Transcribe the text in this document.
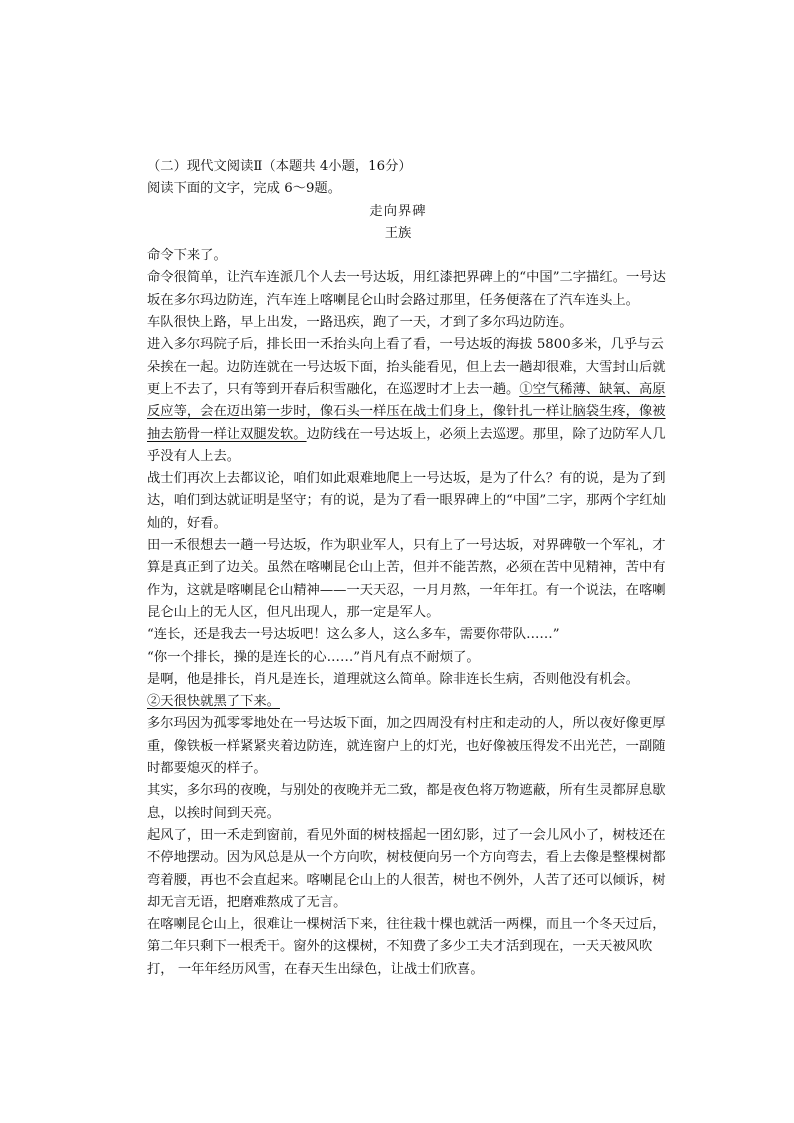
（二）现代文阅读Ⅱ（本题共 4小题，16分）

阅读下面的文字，完成 6～9题。

走向界碑

王族

命令下来了。

命令很简单，让汽车连派几个人去一号达坂，用红漆把界碑上的“中国”二字描红。一号达坂在多尔玛边防连，汽车连上喀喇昆仑山时会路过那里，任务便落在了汽车连头上。

车队很快上路，早上出发，一路迅疾，跑了一天，才到了多尔玛边防连。

进入多尔玛院子后，排长田一禾抬头向上看了看，一号达坂的海拔 5800多米，几乎与云朵挨在一起。边防连就在一号达坂下面，抬头能看见，但上去一趟却很难，大雪封山后就更上不去了，只有等到开春后积雪融化，在巡逻时才上去一趟。①空气稀薄、缺氧、高原反应等，会在迈出第一步时，像石头一样压在战士们身上，像针扎一样让脑袋生疼，像被抽去筋骨一样让双腿发软。边防线在一号达坂上，必须上去巡逻。那里，除了边防军人几乎没有人上去。

战士们再次上去都议论，咱们如此艰难地爬上一号达坂，是为了什么？有的说，是为了到达，咱们到达就证明是坚守；有的说，是为了看一眼界碑上的“中国”二字，那两个字红灿灿的，好看。

田一禾很想去一趟一号达坂，作为职业军人，只有上了一号达坂，对界碑敬一个军礼，才算是真正到了边关。虽然在喀喇昆仑山上苦，但并不能苦熬，必须在苦中见精神，苦中有作为，这就是喀喇昆仑山精神——一天天忍，一月月熬，一年年扛。有一个说法，在喀喇昆仑山上的无人区，但凡出现人，那一定是军人。

“连长，还是我去一号达坂吧！这么多人，这么多车，需要你带队……”

“你一个排长，操的是连长的心……”肖凡有点不耐烦了。

是啊，他是排长，肖凡是连长，道理就这么简单。除非连长生病，否则他没有机会。

②天很快就黑了下来。

多尔玛因为孤零零地处在一号达坂下面，加之四周没有村庄和走动的人，所以夜好像更厚重，像铁板一样紧紧夹着边防连，就连窗户上的灯光，也好像被压得发不出光芒，一副随时都要熄灭的样子。

其实，多尔玛的夜晚，与别处的夜晚并无二致，都是夜色将万物遮蔽，所有生灵都屏息歇息，以挨时间到天亮。

起风了，田一禾走到窗前，看见外面的树枝摇起一团幻影，过了一会儿风小了，树枝还在不停地摆动。因为风总是从一个方向吹，树枝便向另一个方向弯去，看上去像是整棵树都弯着腰，再也不会直起来。喀喇昆仑山上的人很苦，树也不例外，人苦了还可以倾诉，树却无言无语，把磨难熬成了无言。

在喀喇昆仑山上，很难让一棵树活下来，往往栽十棵也就活一两棵，而且一个冬天过后， 第二年只剩下一根秃干。窗外的这棵树，不知费了多少工夫才活到现在，一天天被风吹打， 一年年经历风雪，在春天生出绿色，让战士们欣喜。
